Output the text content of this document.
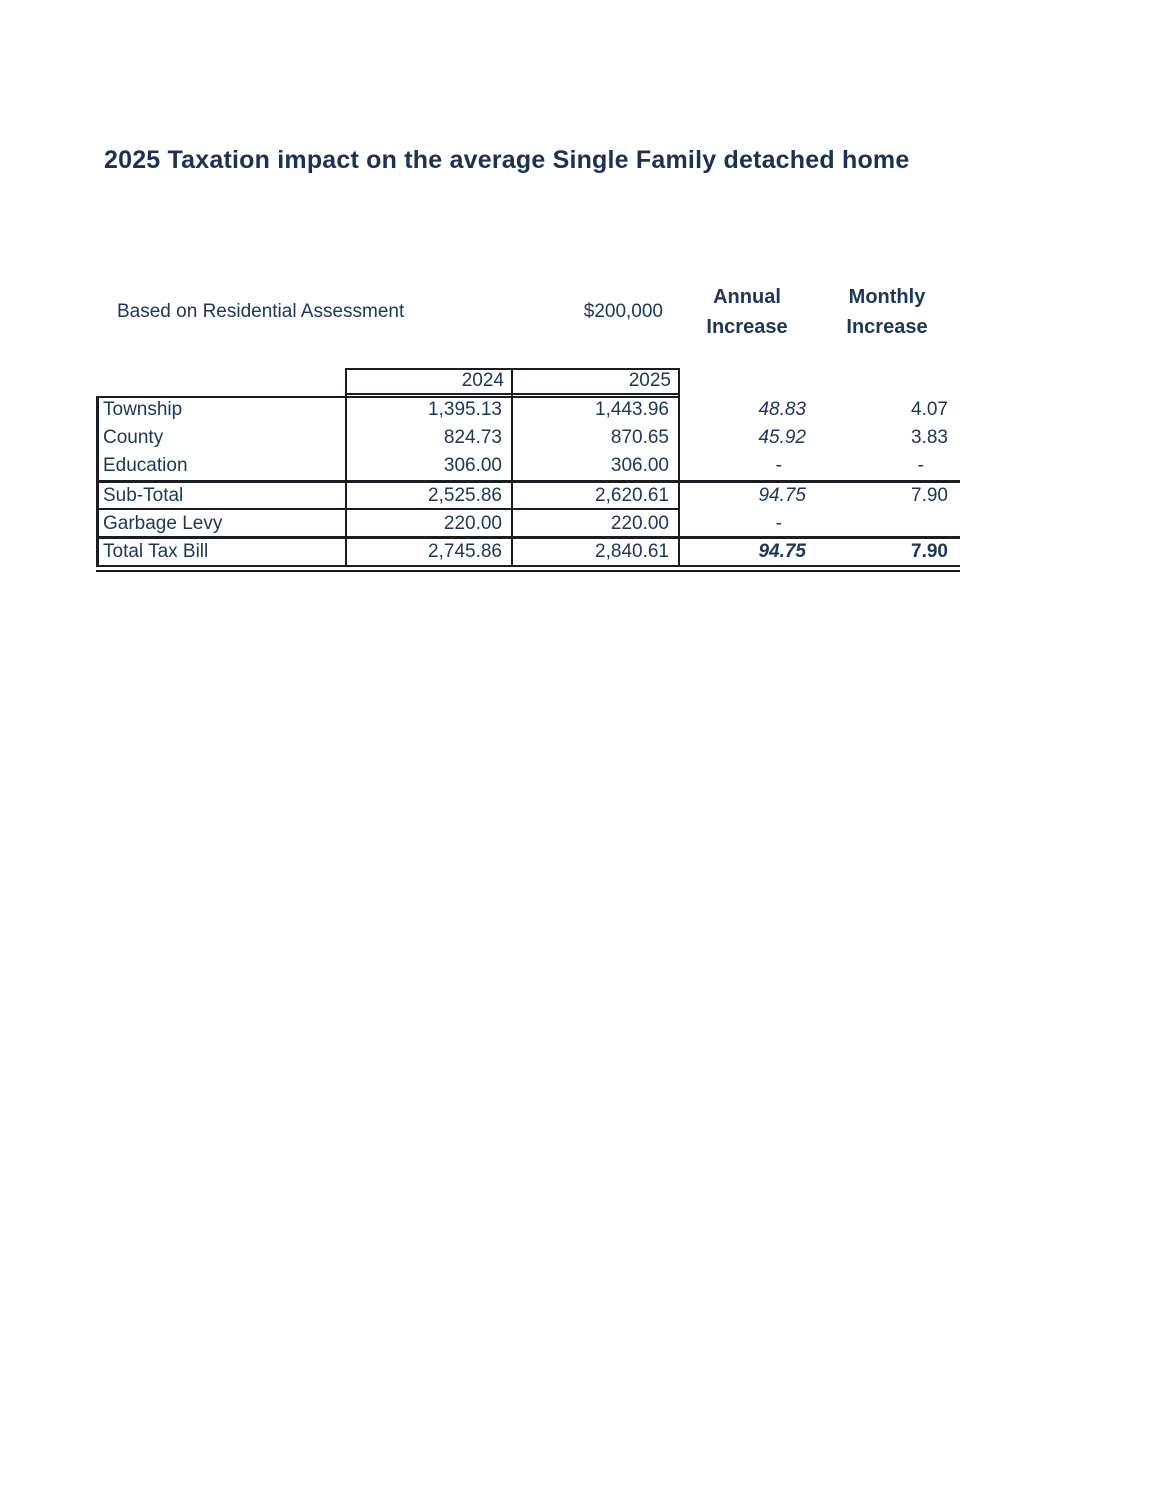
2025 Taxation impact on the average Single Family detached home
Based on Residential Assessment	$200,000
Annual
Increase
Monthly
Increase
2024	2025
Township	1,395.13	1,443.96	48.83	4.07
County	824.73	870.65	45.92	3.83
Education	306.00	306.00	-	-
Sub-Total	2,525.86	2,620.61	94.75	7.90
Garbage Levy	220.00	220.00	-
Total Tax Bill	2,745.86	2,840.61	94.75	7.90
